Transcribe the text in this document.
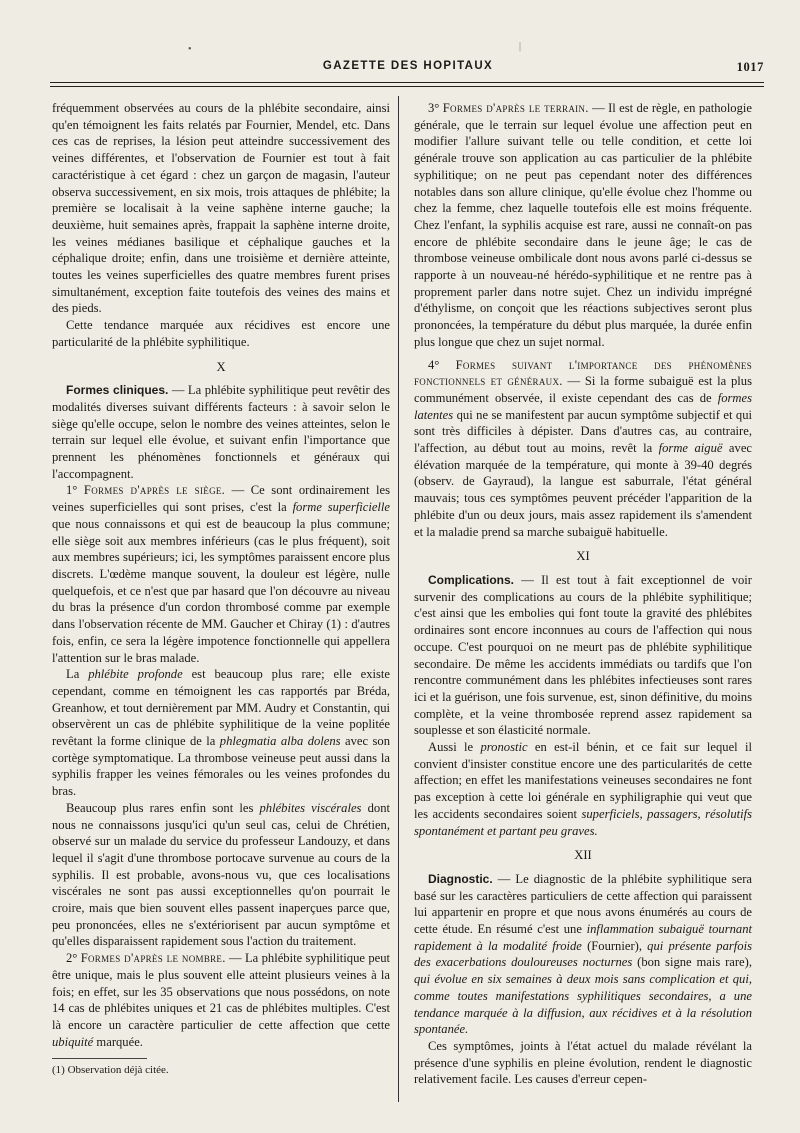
•	|
GAZETTE DES HOPITAUX	1017

fréquemment observées au cours de la phlébite secondaire, ainsi qu'en témoignent les faits relatés par Fournier, Mendel, etc. Dans ces cas de reprises, la lésion peut atteindre successivement des veines différentes, et l'observation de Fournier est tout à fait caractéristique à cet égard : chez un garçon de magasin, l'auteur observa successivement, en six mois, trois attaques de phlébite; la première se localisait à la veine saphène interne gauche; la deuxième, huit semaines après, frappait la saphène interne droite, les veines médianes basilique et céphalique gauches et la céphalique droite; enfin, dans une troisième et dernière atteinte, toutes les veines superficielles des quatre membres furent prises simultanément, exception faite toutefois des veines des mains et des pieds.

Cette tendance marquée aux récidives est encore une particularité de la phlébite syphilitique.

X

Formes cliniques. — La phlébite syphilitique peut revêtir des modalités diverses suivant différents facteurs : à savoir selon le siège qu'elle occupe, selon le nombre des veines atteintes, selon le terrain sur lequel elle évolue, et suivant enfin l'importance que prennent les phénomènes fonctionnels et généraux qui l'accompagnent.

1° Formes d'après le siège. — Ce sont ordinairement les veines superficielles qui sont prises, c'est la forme superficielle que nous connaissons et qui est de beaucoup la plus commune; elle siège soit aux membres inférieurs (cas le plus fréquent), soit aux membres supérieurs; ici, les symptômes paraissent encore plus discrets. L'œdème manque souvent, la douleur est légère, nulle quelquefois, et ce n'est que par hasard que l'on découvre au niveau du bras la présence d'un cordon thrombosé comme par exemple dans l'observation récente de MM. Gaucher et Chiray (1) : d'autres fois, enfin, ce sera la légère impotence fonctionnelle qui appellera l'attention sur le bras malade.

La phlébite profonde est beaucoup plus rare; elle existe cependant, comme en témoignent les cas rapportés par Bréda, Greanhow, et tout dernièrement par MM. Audry et Constantin, qui observèrent un cas de phlébite syphilitique de la veine poplitée revêtant la forme clinique de la phlegmatia alba dolens avec son cortège symptomatique. La thrombose veineuse peut aussi dans la syphilis frapper les veines fémorales ou les veines profondes du bras.

Beaucoup plus rares enfin sont les phlébites viscérales dont nous ne connaissons jusqu'ici qu'un seul cas, celui de Chrétien, observé sur un malade du service du professeur Landouzy, et dans lequel il s'agit d'une thrombose portocave survenue au cours de la syphilis. Il est probable, avons-nous vu, que ces localisations viscérales ne sont pas aussi exceptionnelles qu'on pourrait le croire, mais que bien souvent elles passent inaperçues parce que, peu prononcées, elles ne s'extériorisent par aucun symptôme et qu'elles disparaissent rapidement sous l'action du traitement.

2° Formes d'après le nombre. — La phlébite syphilitique peut être unique, mais le plus souvent elle atteint plusieurs veines à la fois; en effet, sur les 35 observations que nous possédons, on note 14 cas de phlébites uniques et 21 cas de phlébites multiples. C'est là encore un caractère particulier de cette affection que cette ubiquité marquée.

(1) Observation déjà citée.

3° Formes d'après le terrain. — Il est de règle, en pathologie générale, que le terrain sur lequel évolue une affection peut en modifier l'allure suivant telle ou telle condition, et cette loi générale trouve son application au cas particulier de la phlébite syphilitique; on ne peut pas cependant noter des différences notables dans son allure clinique, qu'elle évolue chez l'homme ou chez la femme, chez laquelle toutefois elle est moins fréquente. Chez l'enfant, la syphilis acquise est rare, aussi ne connaît-on pas encore de phlébite secondaire dans le jeune âge; le cas de thrombose veineuse ombilicale dont nous avons parlé ci-dessus se rapporte à un nouveau-né hérédo-syphilitique et ne rentre pas à proprement parler dans notre sujet. Chez un individu imprégné d'éthylisme, on conçoit que les réactions subjectives seront plus prononcées, la température du début plus marquée, la durée enfin plus longue que chez un sujet normal.

4° Formes suivant l'importance des phénomènes fonctionnels et généraux. — Si la forme subaiguë est la plus communément observée, il existe cependant des cas de formes latentes qui ne se manifestent par aucun symptôme subjectif et qui sont très difficiles à dépister. Dans d'autres cas, au contraire, l'affection, au début tout au moins, revêt la forme aiguë avec élévation marquée de la température, qui monte à 39-40 degrés (observ. de Gayraud), la langue est saburrale, l'état général mauvais; tous ces symptômes peuvent précéder l'apparition de la phlébite d'un ou deux jours, mais assez rapidement ils s'amendent et la maladie prend sa marche subaiguë habituelle.

XI

Complications. — Il est tout à fait exceptionnel de voir survenir des complications au cours de la phlébite syphilitique; c'est ainsi que les embolies qui font toute la gravité des phlébites ordinaires sont encore inconnues au cours de l'affection qui nous occupe. C'est pourquoi on ne meurt pas de phlébite syphilitique secondaire. De même les accidents immédiats ou tardifs que l'on rencontre communément dans les phlébites infectieuses sont rares ici et la guérison, une fois survenue, est, sinon définitive, du moins complète, et la veine thrombosée reprend assez rapidement sa souplesse et son élasticité normale.

Aussi le pronostic en est-il bénin, et ce fait sur lequel il convient d'insister constitue encore une des particularités de cette affection; en effet les manifestations veineuses secondaires ne font pas exception à cette loi générale en syphiligraphie qui veut que les accidents secondaires soient superficiels, passagers, résolutifs spontanément et partant peu graves.

XII

Diagnostic. — Le diagnostic de la phlébite syphilitique sera basé sur les caractères particuliers de cette affection qui paraissent lui appartenir en propre et que nous avons énumérés au cours de cette étude. En résumé c'est une inflammation subaiguë tournant rapidement à la modalité froide (Fournier), qui présente parfois des exacerbations douloureuses nocturnes (bon signe mais rare), qui évolue en six semaines à deux mois sans complication et qui, comme toutes manifestations syphilitiques secondaires, a une tendance marquée à la diffusion, aux récidives et à la résolution spontanée.

Ces symptômes, joints à l'état actuel du malade révélant la présence d'une syphilis en pleine évolution, rendent le diagnostic relativement facile. Les causes d'erreur cepen-
